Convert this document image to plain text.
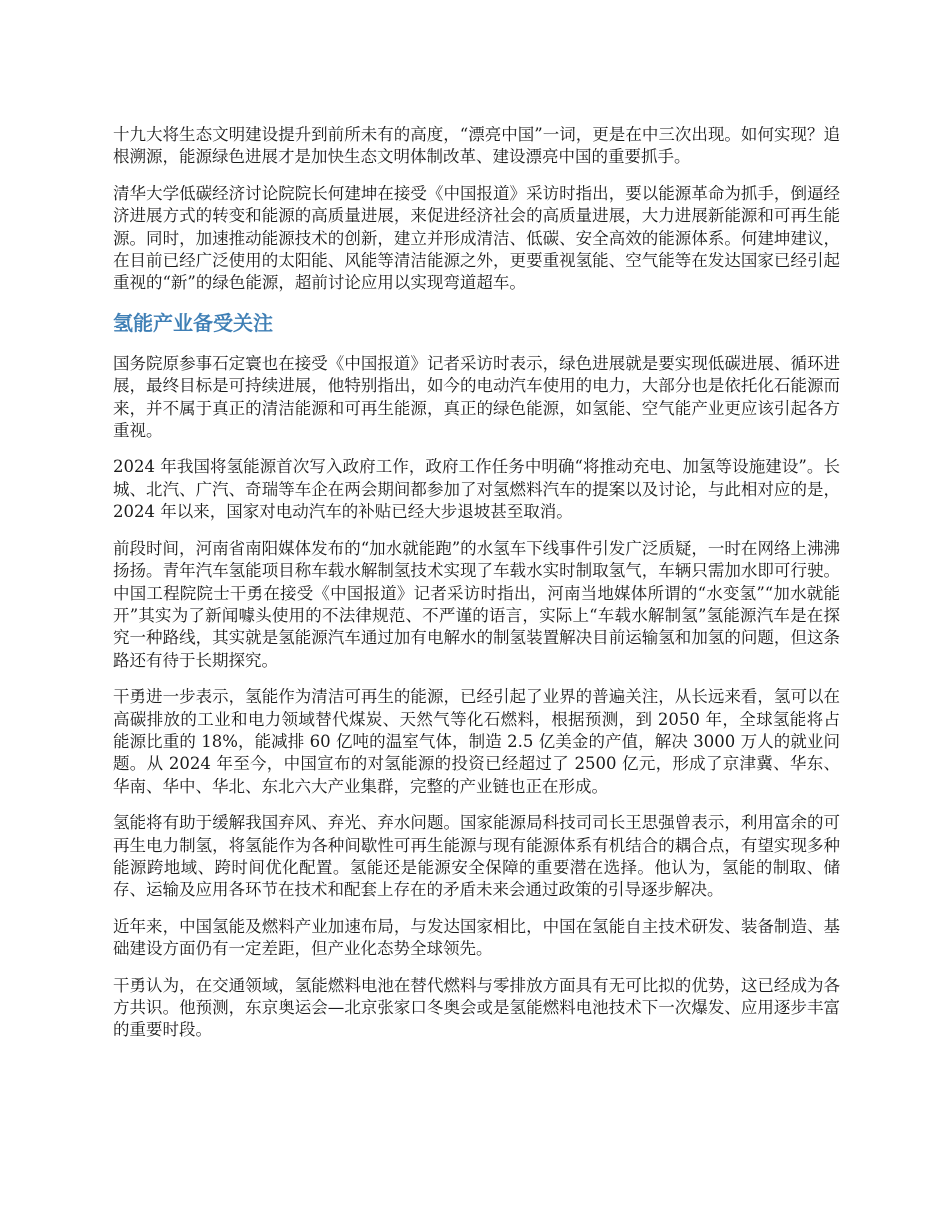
十九大将生态文明建设提升到前所未有的高度，“漂亮中国”一词，更是在中三次出现。如何实现？追根溯源，能源绿色进展才是加快生态文明体制改革、建设漂亮中国的重要抓手。

清华大学低碳经济讨论院院长何建坤在接受《中国报道》采访时指出，要以能源革命为抓手，倒逼经济进展方式的转变和能源的高质量进展，来促进经济社会的高质量进展，大力进展新能源和可再生能源。同时，加速推动能源技术的创新，建立并形成清洁、低碳、安全高效的能源体系。何建坤建议，在目前已经广泛使用的太阳能、风能等清洁能源之外，更要重视氢能、空气能等在发达国家已经引起重视的“新”的绿色能源，超前讨论应用以实现弯道超车。

氢能产业备受关注

国务院原参事石定寰也在接受《中国报道》记者采访时表示，绿色进展就是要实现低碳进展、循环进展，最终目标是可持续进展，他特别指出，如今的电动汽车使用的电力，大部分也是依托化石能源而来，并不属于真正的清洁能源和可再生能源，真正的绿色能源，如氢能、空气能产业更应该引起各方重视。

2024 年我国将氢能源首次写入政府工作，政府工作任务中明确“将推动充电、加氢等设施建设”。长城、北汽、广汽、奇瑞等车企在两会期间都参加了对氢燃料汽车的提案以及讨论，与此相对应的是，2024 年以来，国家对电动汽车的补贴已经大步退坡甚至取消。

前段时间，河南省南阳媒体发布的“加水就能跑”的水氢车下线事件引发广泛质疑，一时在网络上沸沸扬扬。青年汽车氢能项目称车载水解制氢技术实现了车载水实时制取氢气，车辆只需加水即可行驶。中国工程院院士干勇在接受《中国报道》记者采访时指出，河南当地媒体所谓的“水变氢”“加水就能开”其实为了新闻噱头使用的不法律规范、不严谨的语言，实际上“车载水解制氢”氢能源汽车是在探究一种路线，其实就是氢能源汽车通过加有电解水的制氢装置解决目前运输氢和加氢的问题，但这条路还有待于长期探究。

干勇进一步表示，氢能作为清洁可再生的能源，已经引起了业界的普遍关注，从长远来看，氢可以在高碳排放的工业和电力领域替代煤炭、天然气等化石燃料，根据预测，到 2050 年，全球氢能将占能源比重的 18%，能减排 60 亿吨的温室气体，制造 2.5 亿美金的产值，解决 3000 万人的就业问题。从 2024 年至今，中国宣布的对氢能源的投资已经超过了 2500 亿元，形成了京津冀、华东、华南、华中、华北、东北六大产业集群，完整的产业链也正在形成。

氢能将有助于缓解我国弃风、弃光、弃水问题。国家能源局科技司司长王思强曾表示，利用富余的可再生电力制氢，将氢能作为各种间歇性可再生能源与现有能源体系有机结合的耦合点，有望实现多种能源跨地域、跨时间优化配置。氢能还是能源安全保障的重要潜在选择。他认为，氢能的制取、储存、运输及应用各环节在技术和配套上存在的矛盾未来会通过政策的引导逐步解决。

近年来，中国氢能及燃料产业加速布局，与发达国家相比，中国在氢能自主技术研发、装备制造、基础建设方面仍有一定差距，但产业化态势全球领先。

干勇认为，在交通领域，氢能燃料电池在替代燃料与零排放方面具有无可比拟的优势，这已经成为各方共识。他预测，东京奥运会—北京张家口冬奥会或是氢能燃料电池技术下一次爆发、应用逐步丰富的重要时段。
